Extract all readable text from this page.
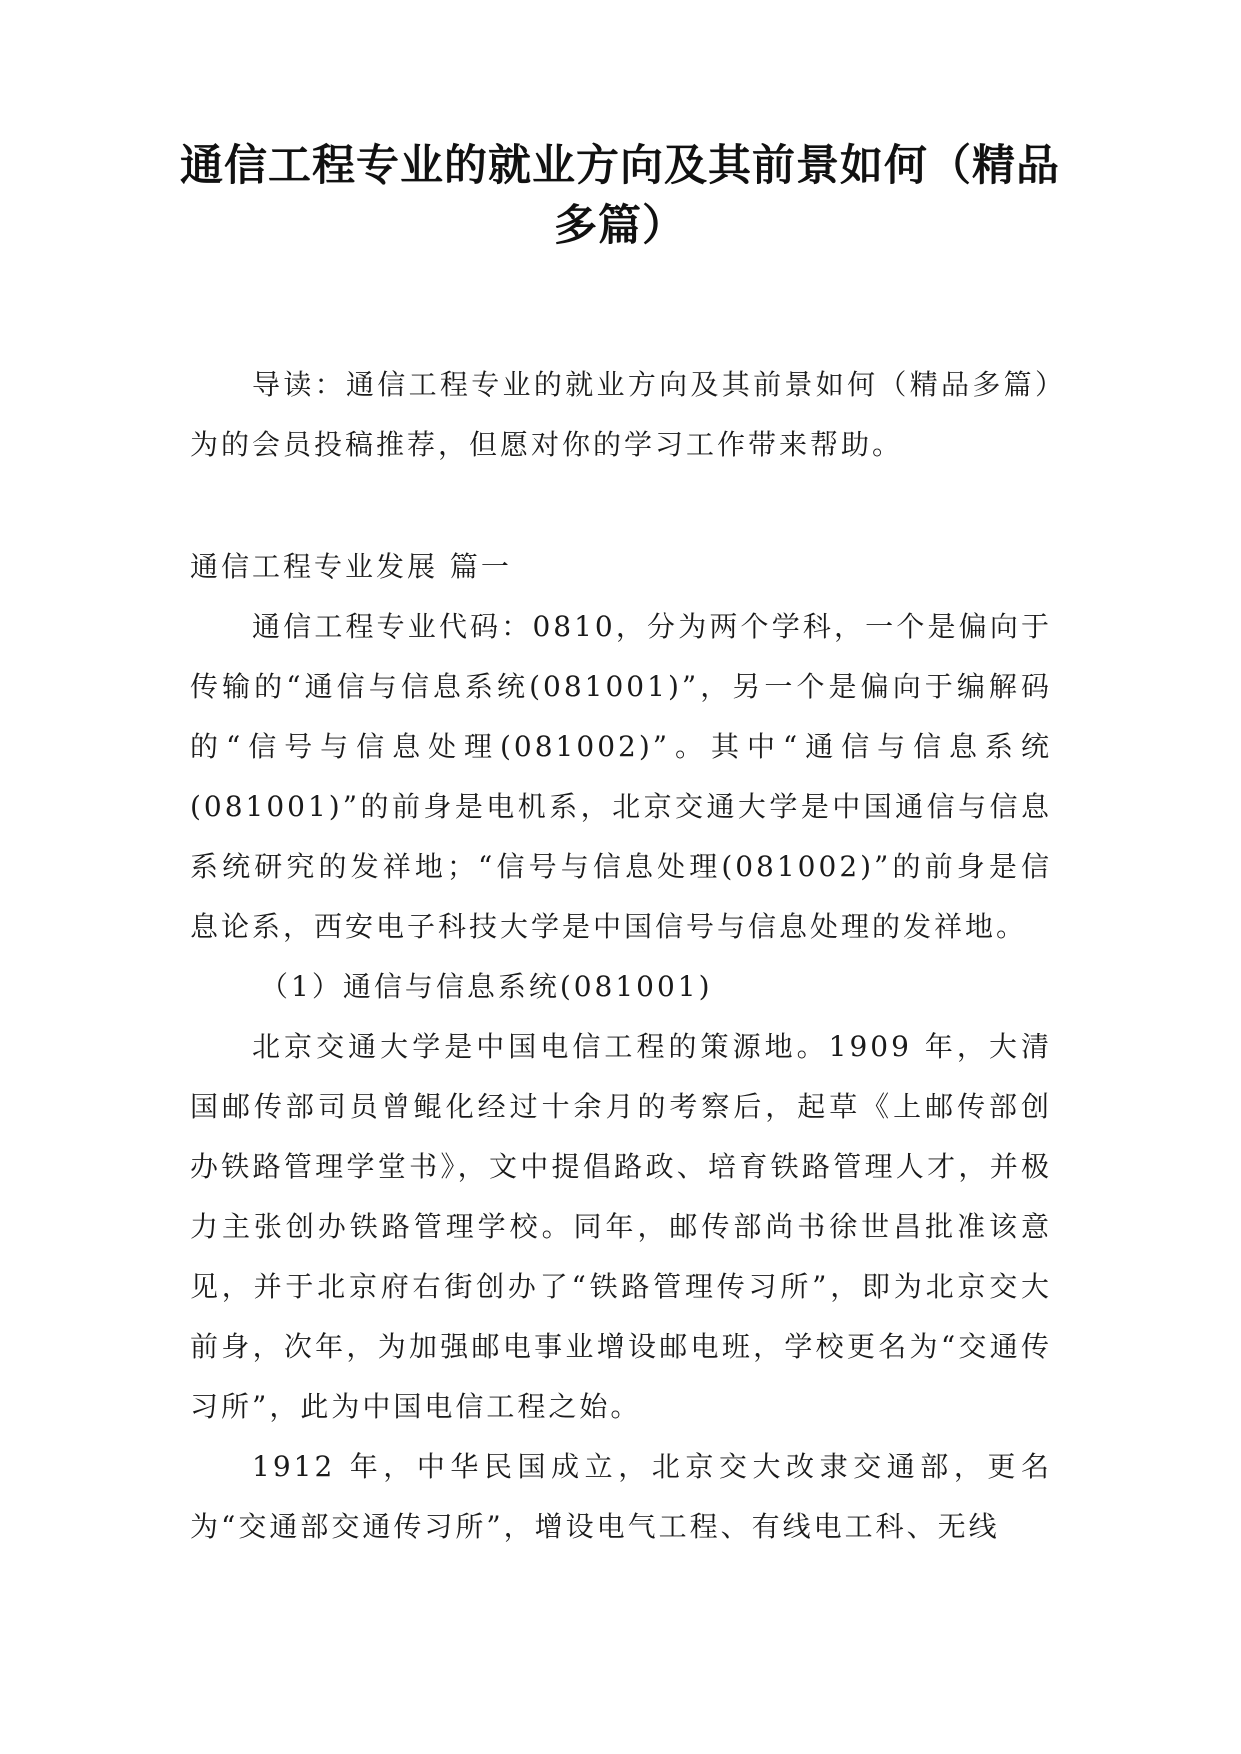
通信工程专业的就业方向及其前景如何（精品多篇）

导读：通信工程专业的就业方向及其前景如何（精品多篇）为的会员投稿推荐，但愿对你的学习工作带来帮助。

通信工程专业发展 篇一

通信工程专业代码：0810，分为两个学科，一个是偏向于传输的“通信与信息系统(081001)”，另一个是偏向于编解码的“信号与信息处理(081002)”。其中“通信与信息系统(081001)”的前身是电机系，北京交通大学是中国通信与信息系统研究的发祥地；“信号与信息处理(081002)”的前身是信息论系，西安电子科技大学是中国信号与信息处理的发祥地。

（1）通信与信息系统(081001)

北京交通大学是中国电信工程的策源地。1909 年，大清国邮传部司员曾鲲化经过十余月的考察后，起草《上邮传部创办铁路管理学堂书》，文中提倡路政、培育铁路管理人才，并极力主张创办铁路管理学校。同年，邮传部尚书徐世昌批准该意见，并于北京府右街创办了“铁路管理传习所”，即为北京交大前身，次年，为加强邮电事业增设邮电班，学校更名为“交通传习所”，此为中国电信工程之始。

1912 年，中华民国成立，北京交大改隶交通部，更名为“交通部交通传习所”，增设电气工程、有线电工科、无线
